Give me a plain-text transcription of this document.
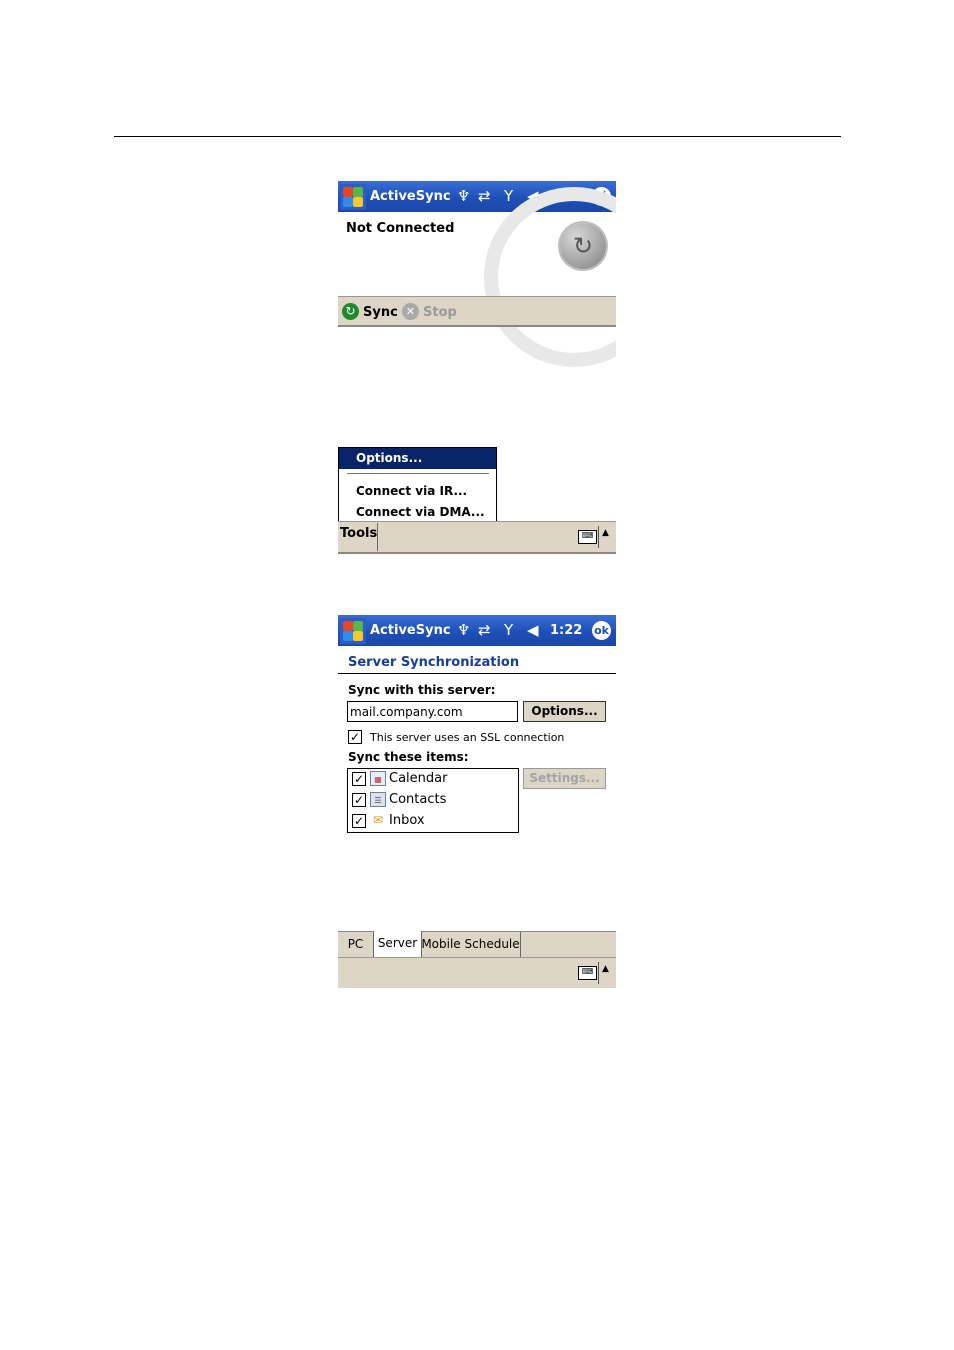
ActiveSync ♆ ⇄ Y ◀ 1:19 ✕
Not Connected
↻
↻ Sync ✕ Stop
Options...
Connect via IR...
Connect via DMA...
Tools	⌨ ▲
ActiveSync ♆ ⇄ Y ◀ 1:22 ok
Server Synchronization
Sync with this server:
mail.company.com
Options...
✓ This server uses an SSL connection
Sync these items:
✓	▦ Calendar
✓	☰ Contacts
✓ ✉ Inbox
Settings...
PC	Server Mobile Schedule
⌨ ▲
